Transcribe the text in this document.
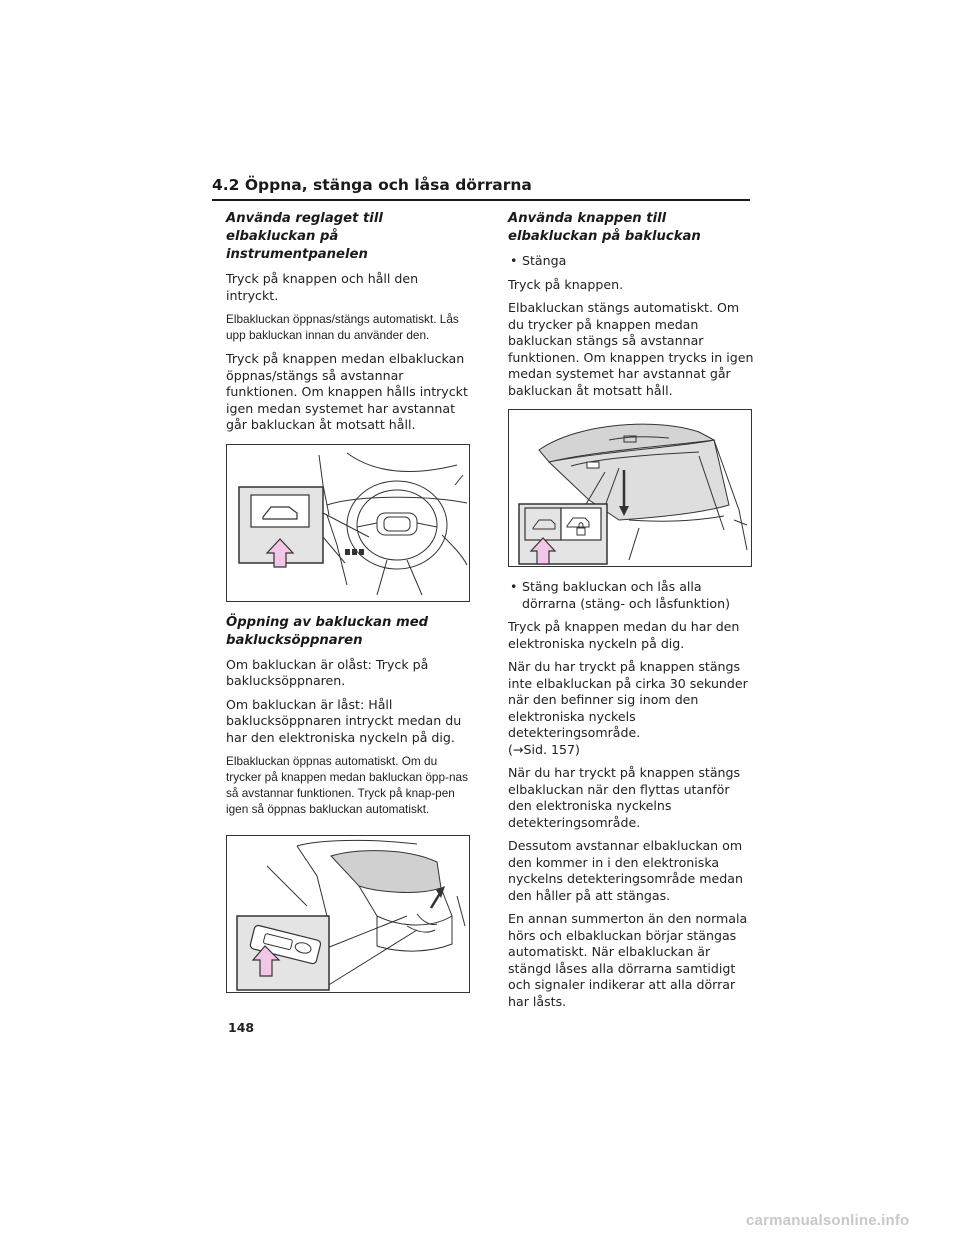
4.2 Öppna, stänga och låsa dörrarna
Använda reglaget till elbakluckan på instrumentpanelen
Tryck på knappen och håll den intryckt.
Elbakluckan öppnas/stängs automatiskt. Lås upp bakluckan innan du använder den.
Tryck på knappen medan elbakluckan öppnas/stängs så avstannar funktionen. Om knappen hålls intryckt igen medan systemet har avstannat går bakluckan åt motsatt håll.
Öppning av bakluckan med baklucksöppnaren
Om bakluckan är olåst: Tryck på baklucksöppnaren.
Om bakluckan är låst: Håll baklucksöppnaren intryckt medan du har den elektroniska nyckeln på dig.
Elbakluckan öppnas automatiskt. Om du trycker på knappen medan bakluckan öpp-nas så avstannar funktionen. Tryck på knap-pen igen så öppnas bakluckan automatiskt.
Använda knappen till elbakluckan på bakluckan
• Stänga
Tryck på knappen.
Elbakluckan stängs automatiskt. Om du trycker på knappen medan bakluckan stängs så avstannar funktionen. Om knappen trycks in igen medan systemet har avstannat går bakluckan åt motsatt håll.
• Stäng bakluckan och lås alla dörrarna (stäng- och låsfunktion)
Tryck på knappen medan du har den elektroniska nyckeln på dig.
När du har tryckt på knappen stängs inte elbakluckan på cirka 30 sekunder när den befinner sig inom den elektroniska nyckels detekteringsområde.
(→Sid. 157)
När du har tryckt på knappen stängs elbakluckan när den flyttas utanför den elektroniska nyckelns detekteringsområde.
Dessutom avstannar elbakluckan om den kommer in i den elektroniska nyckelns detekteringsområde medan den håller på att stängas.
En annan summerton än den normala hörs och elbakluckan börjar stängas automatiskt. När elbakluckan är stängd låses alla dörrarna samtidigt och signaler indikerar att alla dörrar har låsts.
148
carmanualsonline.info
